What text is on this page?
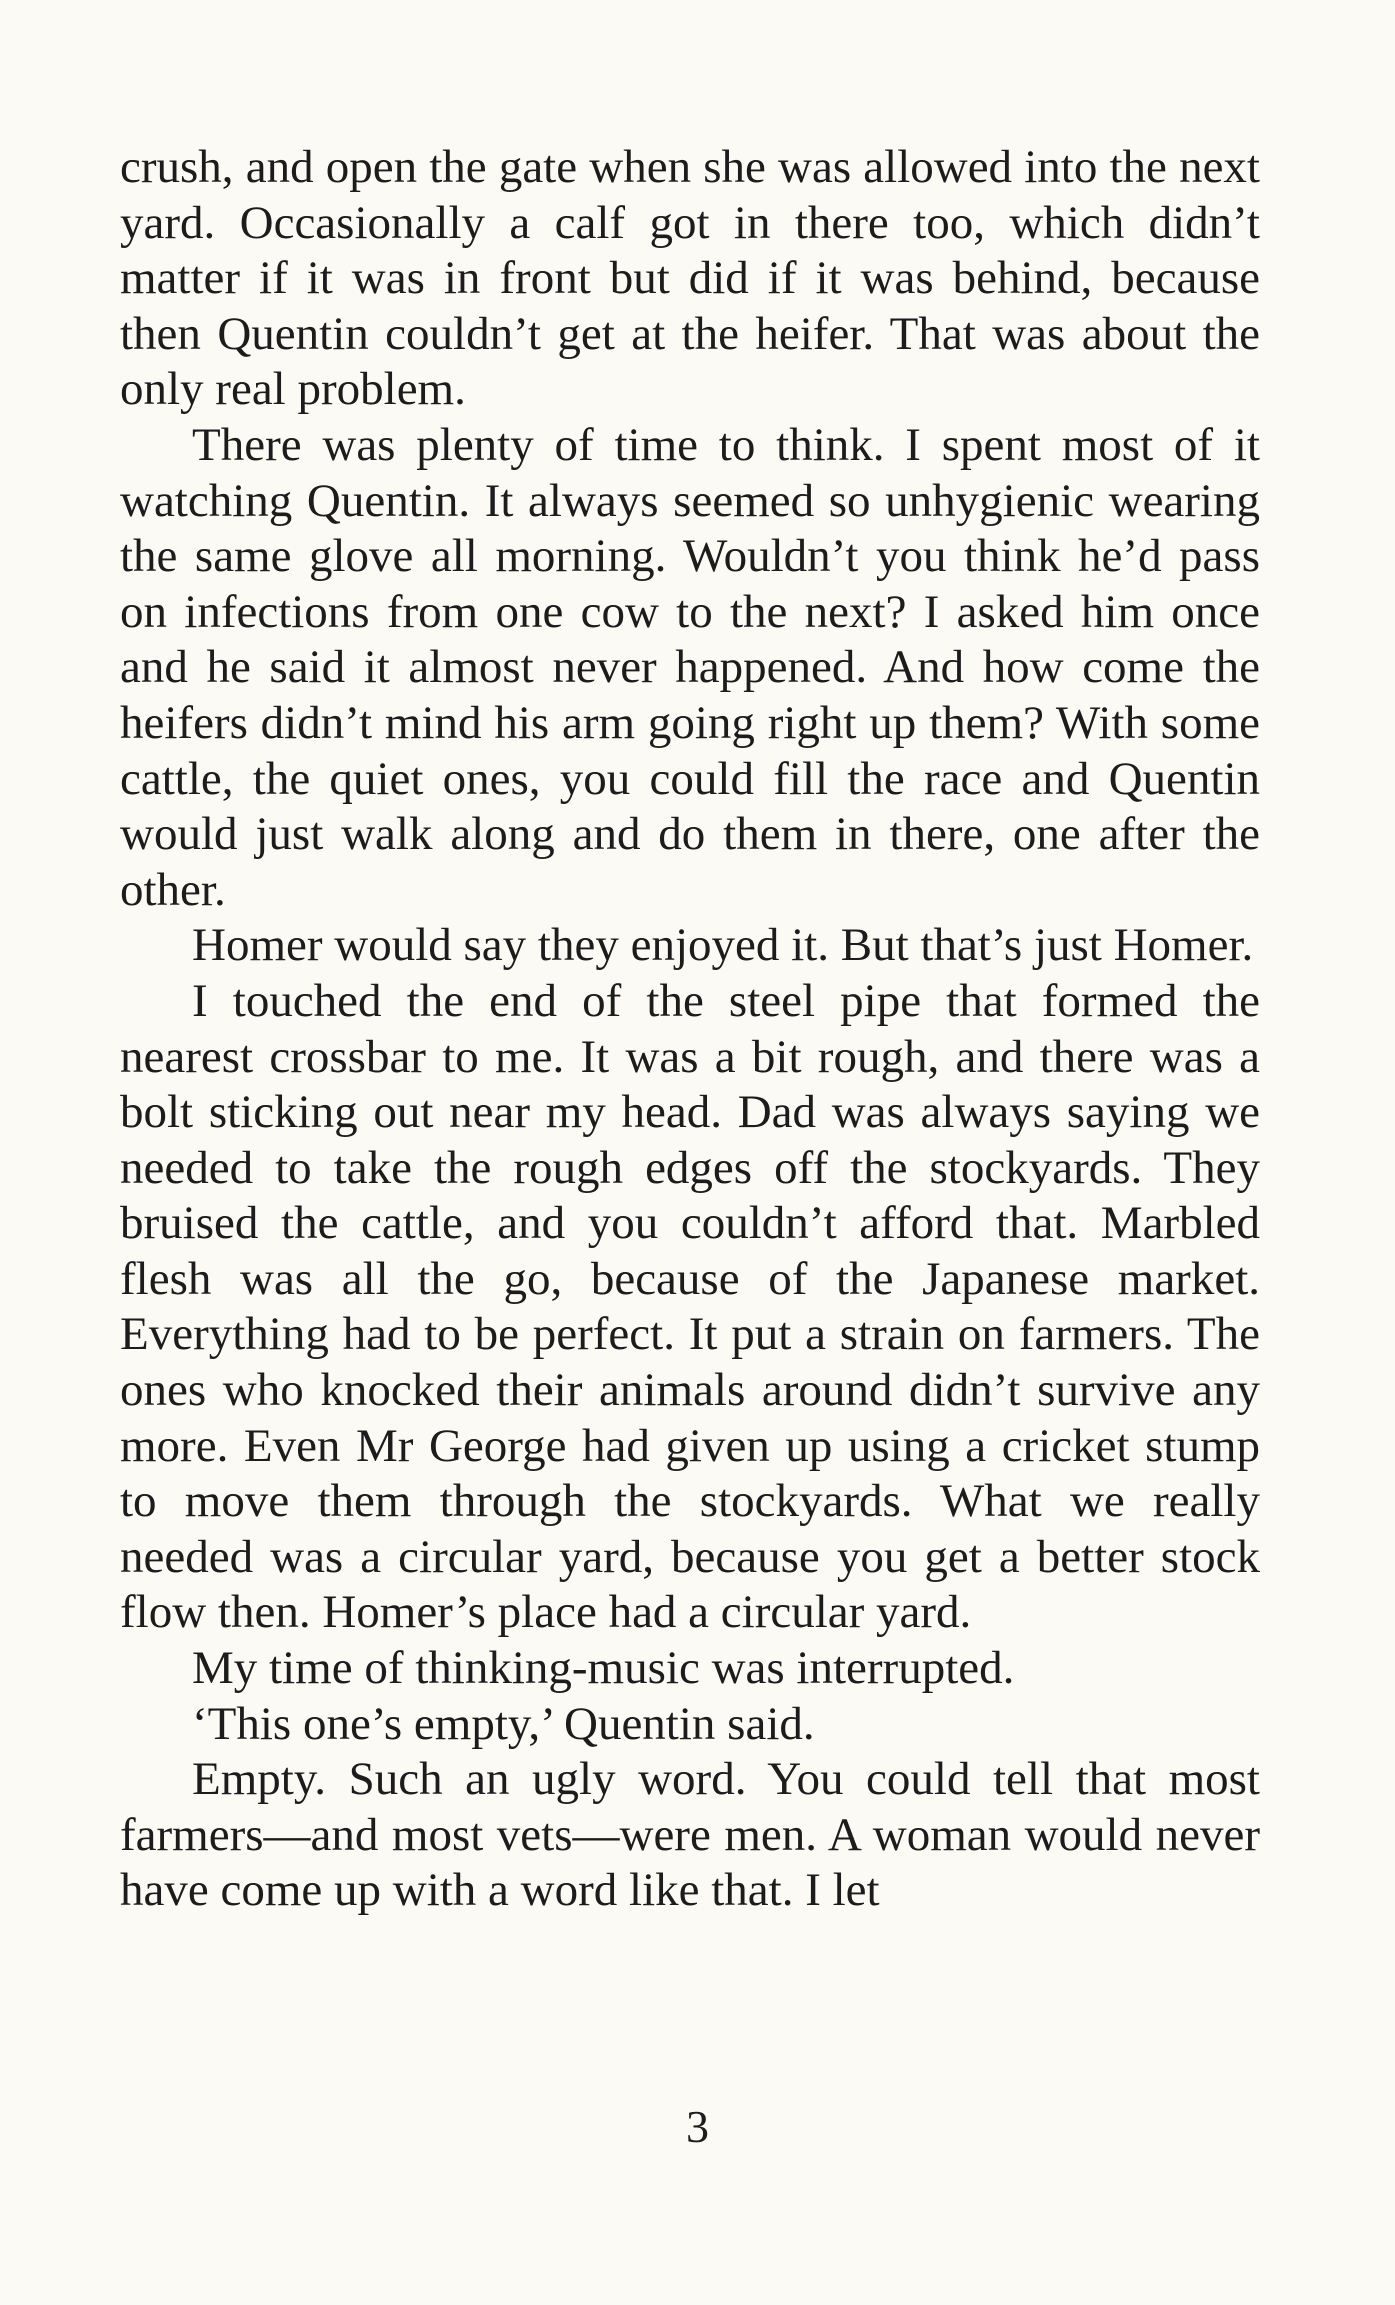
crush, and open the gate when she was allowed into the next yard. Occasionally a calf got in there too, which didn’t matter if it was in front but did if it was behind, because then Quentin couldn’t get at the heifer. That was about the only real problem.

There was plenty of time to think. I spent most of it watching Quentin. It always seemed so unhygienic wearing the same glove all morning. Wouldn’t you think he’d pass on infections from one cow to the next? I asked him once and he said it almost never happened. And how come the heifers didn’t mind his arm going right up them? With some cattle, the quiet ones, you could fill the race and Quentin would just walk along and do them in there, one after the other.

Homer would say they enjoyed it. But that’s just Homer.

I touched the end of the steel pipe that formed the nearest crossbar to me. It was a bit rough, and there was a bolt sticking out near my head. Dad was always saying we needed to take the rough edges off the stockyards. They bruised the cattle, and you couldn’t afford that. Marbled flesh was all the go, because of the Japanese market. Everything had to be perfect. It put a strain on farmers. The ones who knocked their animals around didn’t survive any more. Even Mr George had given up using a cricket stump to move them through the stockyards. What we really needed was a circular yard, because you get a better stock flow then. Homer’s place had a circular yard.

My time of thinking-music was interrupted.

‘This one’s empty,’ Quentin said.

Empty. Such an ugly word. You could tell that most farmers—and most vets—were men. A woman would never have come up with a word like that. I let

3
